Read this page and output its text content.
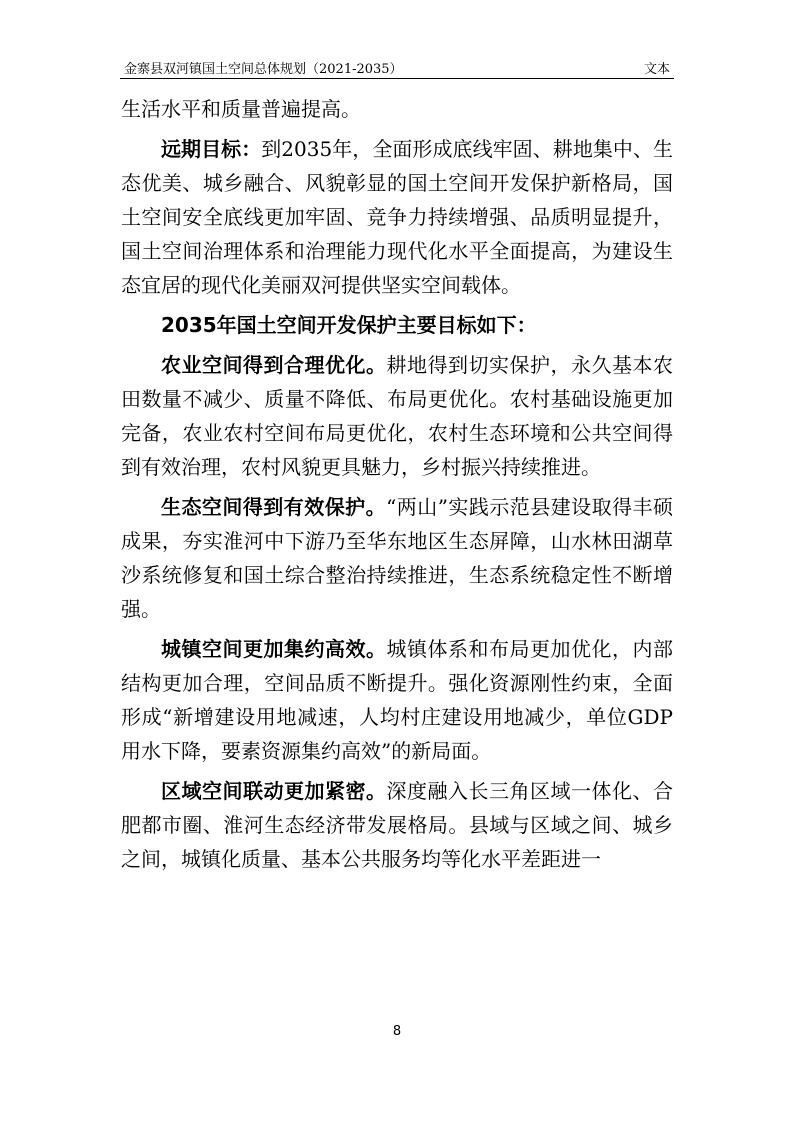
金寨县双河镇国土空间总体规划（2021-2035）	文本

生活水平和质量普遍提高。

远期目标：到2035年，全面形成底线牢固、耕地集中、生态优美、城乡融合、风貌彰显的国土空间开发保护新格局，国土空间安全底线更加牢固、竞争力持续增强、品质明显提升，国土空间治理体系和治理能力现代化水平全面提高，为建设生态宜居的现代化美丽双河提供坚实空间载体。

2035年国土空间开发保护主要目标如下：

农业空间得到合理优化。耕地得到切实保护，永久基本农田数量不减少、质量不降低、布局更优化。农村基础设施更加完备，农业农村空间布局更优化，农村生态环境和公共空间得到有效治理，农村风貌更具魅力，乡村振兴持续推进。

生态空间得到有效保护。“两山”实践示范县建设取得丰硕成果，夯实淮河中下游乃至华东地区生态屏障，山水林田湖草沙系统修复和国土综合整治持续推进，生态系统稳定性不断增强。

城镇空间更加集约高效。城镇体系和布局更加优化，内部结构更加合理，空间品质不断提升。强化资源刚性约束，全面形成“新增建设用地减速，人均村庄建设用地减少，单位GDP用水下降，要素资源集约高效”的新局面。

区域空间联动更加紧密。深度融入长三角区域一体化、合肥都市圈、淮河生态经济带发展格局。县域与区域之间、城乡之间，城镇化质量、基本公共服务均等化水平差距进一

8
